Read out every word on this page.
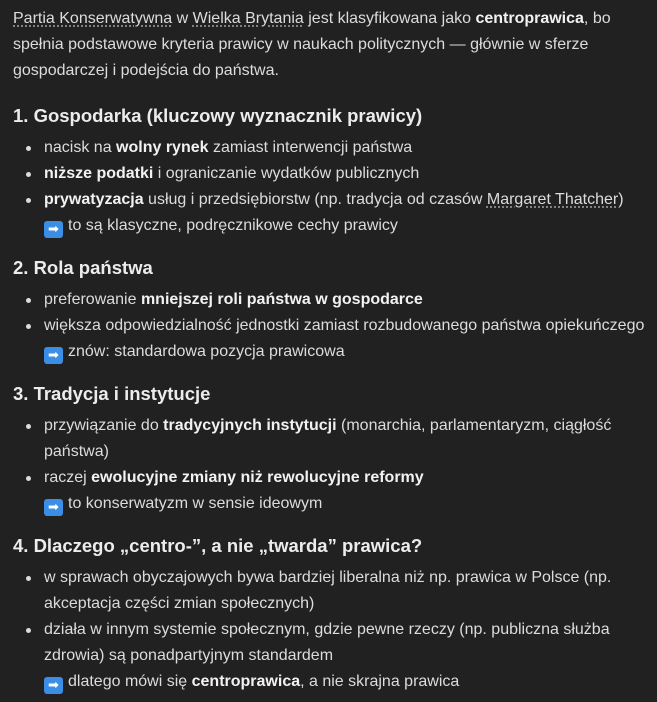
Partia Konserwatywna w Wielka Brytania jest klasyfikowana jako centroprawica, bo spełnia podstawowe kryteria prawicy w naukach politycznych — głównie w sferze gospodarczej i podejścia do państwa.

1. Gospodarka (kluczowy wyznacznik prawicy)
nacisk na wolny rynek zamiast interwencji państwa
niższe podatki i ograniczanie wydatków publicznych
prywatyzacja usług i przedsiębiorstw (np. tradycja od czasów Margaret Thatcher)
➡ to są klasyczne, podręcznikowe cechy prawicy
2. Rola państwa
preferowanie mniejszej roli państwa w gospodarce
większa odpowiedzialność jednostki zamiast rozbudowanego państwa opiekuńczego
➡ znów: standardowa pozycja prawicowa
3. Tradycja i instytucje
przywiązanie do tradycyjnych instytucji (monarchia, parlamentaryzm, ciągłość państwa)
raczej ewolucyjne zmiany niż rewolucyjne reformy
➡ to konserwatyzm w sensie ideowym
4. Dlaczego „centro-”, a nie „twarda” prawica?
w sprawach obyczajowych bywa bardziej liberalna niż np. prawica w Polsce (np. akceptacja części zmian społecznych)
działa w innym systemie społecznym, gdzie pewne rzeczy (np. publiczna służba zdrowia) są ponadpartyjnym standardem
➡ dlatego mówi się centroprawica, a nie skrajna prawica
